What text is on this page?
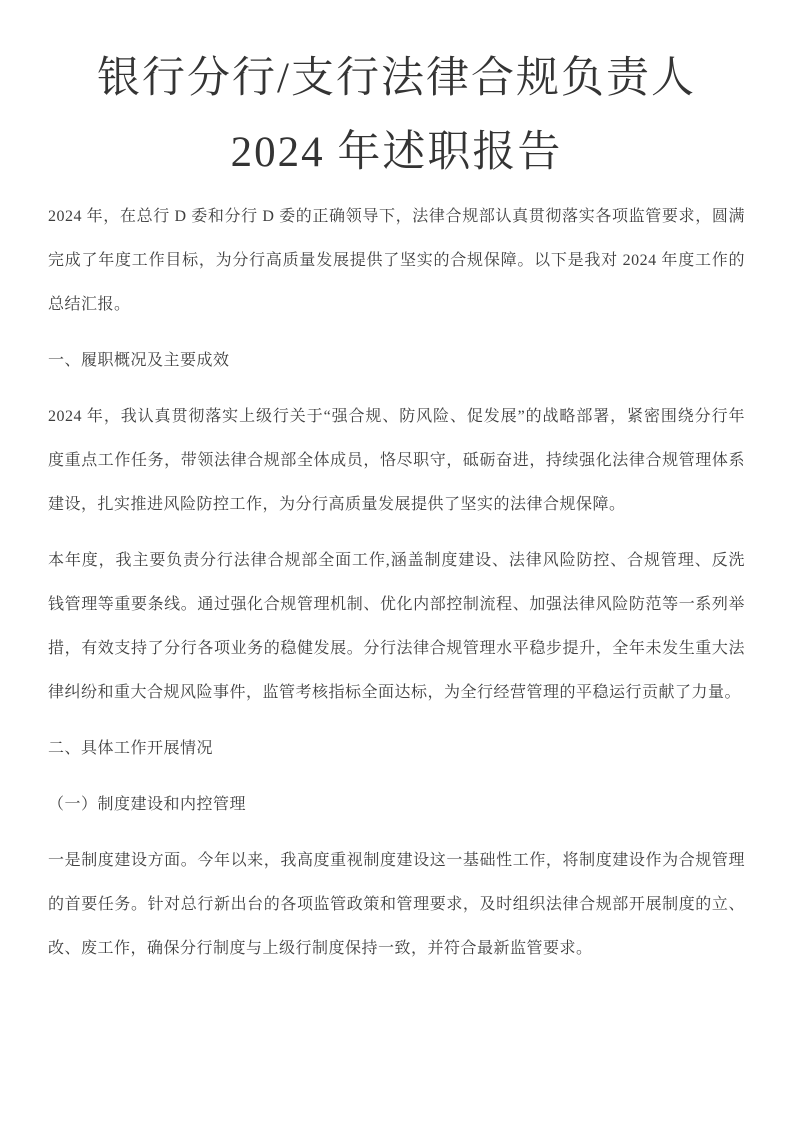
银行分行/支行法律合规负责人
2024 年述职报告

2024 年，在总行 D 委和分行 D 委的正确领导下，法律合规部认真贯彻落实各项监管要求，圆满完成了年度工作目标，为分行高质量发展提供了坚实的合规保障。以下是我对 2024 年度工作的总结汇报。

一、履职概况及主要成效

2024 年，我认真贯彻落实上级行关于“强合规、防风险、促发展”的战略部署，紧密围绕分行年度重点工作任务，带领法律合规部全体成员，恪尽职守，砥砺奋进，持续强化法律合规管理体系建设，扎实推进风险防控工作，为分行高质量发展提供了坚实的法律合规保障。

本年度，我主要负责分行法律合规部全面工作,涵盖制度建设、法律风险防控、合规管理、反洗钱管理等重要条线。通过强化合规管理机制、优化内部控制流程、加强法律风险防范等一系列举措，有效支持了分行各项业务的稳健发展。分行法律合规管理水平稳步提升，全年未发生重大法律纠纷和重大合规风险事件，监管考核指标全面达标，为全行经营管理的平稳运行贡献了力量。

二、具体工作开展情况

（一）制度建设和内控管理

一是制度建设方面。今年以来，我高度重视制度建设这一基础性工作，将制度建设作为合规管理的首要任务。针对总行新出台的各项监管政策和管理要求，及时组织法律合规部开展制度的立、改、废工作，确保分行制度与上级行制度保持一致，并符合最新监管要求。
